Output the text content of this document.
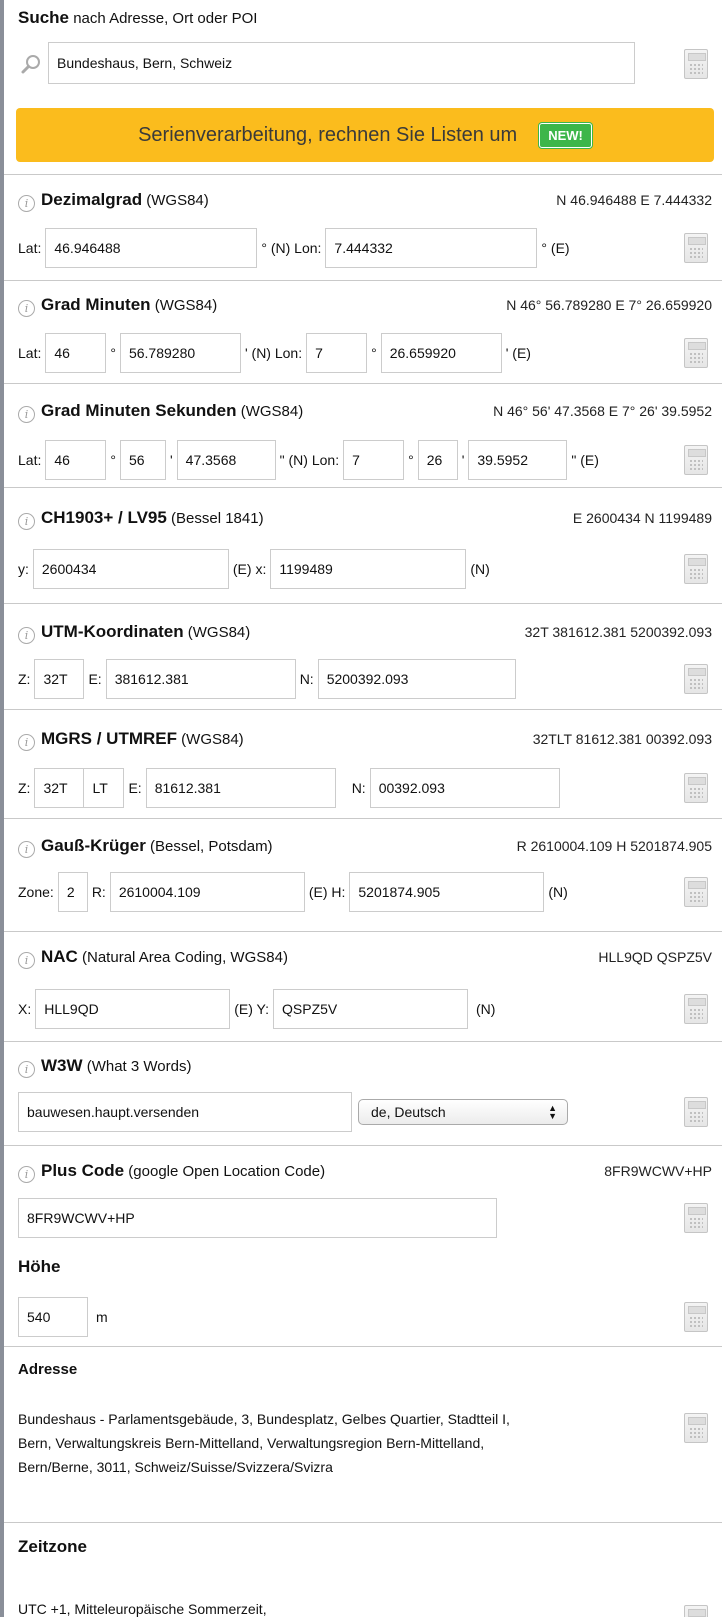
Suche nach Adresse, Ort oder POI
Bundeshaus, Bern, Schweiz
Serienverarbeitung, rechnen Sie Listen um	NEW!
i Dezimalgrad (WGS84)	N 46.946488 E 7.444332
Lat: 46.946488	° (N) Lon: 7.444332	° (E)
i Grad Minuten (WGS84)	N 46° 56.789280 E 7° 26.659920
Lat: 46	° 56.789280	' (N) Lon: 7	° 26.659920	' (E)
i Grad Minuten Sekunden (WGS84)	N 46° 56' 47.3568 E 7° 26' 39.5952
Lat: 46	° 56	' 47.3568	" (N) Lon: 7	° 26	' 39.5952	" (E)
i CH1903+ / LV95 (Bessel 1841)	E 2600434 N 1199489
y: 2600434	(E) x: 1199489	(N)
i UTM-Koordinaten (WGS84)	32T 381612.381 5200392.093
Z: 32T	E: 381612.381	N: 5200392.093
i MGRS / UTMREF (WGS84)	32TLT 81612.381 00392.093
Z: 32T	LT	E: 81612.381	N: 00392.093
i Gauß-Krüger (Bessel, Potsdam)	R 2610004.109 H 5201874.905
Zone: 2	R: 2610004.109	(E) H: 5201874.905	(N)
i NAC (Natural Area Coding, WGS84)	HLL9QD QSPZ5V
X: HLL9QD	(E) Y: QSPZ5V	(N)
i W3W (What 3 Words)
bauwesen.haupt.versenden	de, Deutsch	▲
▼
i Plus Code (google Open Location Code)	8FR9WCWV+HP
8FR9WCWV+HP
Höhe
540	m
Adresse
Bundeshaus - Parlamentsgebäude, 3, Bundesplatz, Gelbes Quartier, Stadtteil I,
Bern, Verwaltungskreis Bern-Mittelland, Verwaltungsregion Bern-Mittelland,
Bern/Berne, 3011, Schweiz/Suisse/Svizzera/Svizra
Zeitzone
UTC +1, Mitteleuropäische Sommerzeit,
